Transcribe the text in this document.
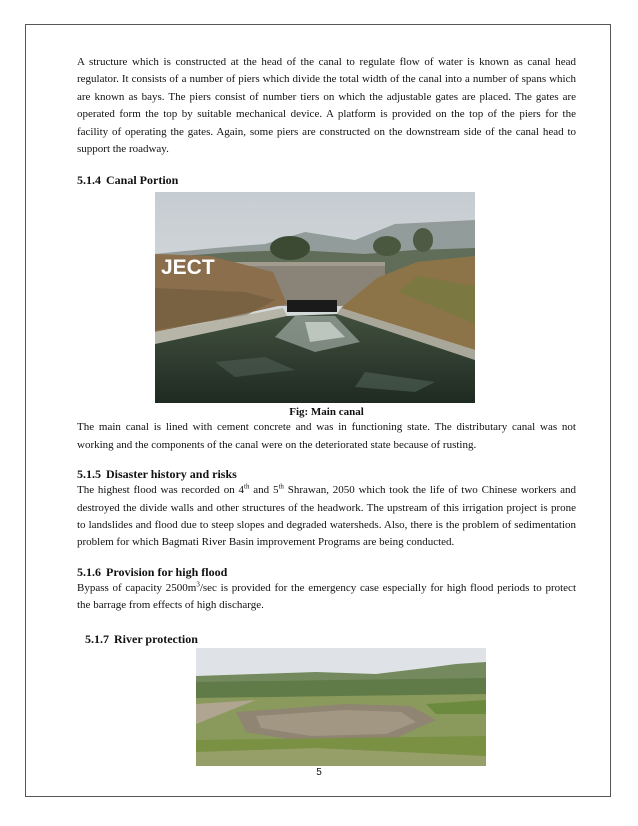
A structure which is constructed at the head of the canal to regulate flow of water is known as canal head regulator. It consists of a number of piers which divide the total width of the canal into a number of spans which are known as bays. The piers consist of number tiers on which the adjustable gates are placed. The gates are operated form the top by suitable mechanical device. A platform is provided on the top of the piers for the facility of operating the gates. Again, some piers are constructed on the downstream side of the canal head to support the roadway.

5.1.4 Canal Portion
JECT
Fig: Main canal

The main canal is lined with cement concrete and was in functioning state. The distributary canal was not working and the components of the canal were on the deteriorated state because of rusting.

5.1.5 Disaster history and risks

The highest flood was recorded on 4th and 5th Shrawan, 2050 which took the life of two Chinese workers and destroyed the divide walls and other structures of the headwork. The upstream of this irrigation project is prone to landslides and flood due to steep slopes and degraded watersheds. Also, there is the problem of sedimentation problem for which Bagmati River Basin improvement Programs are being conducted.

5.1.6 Provision for high flood

Bypass of capacity $2500m^3/\sec$ is provided for the emergency case especially for high flood periods to protect the barrage from effects of high discharge.

5.1.7 River protection
5
